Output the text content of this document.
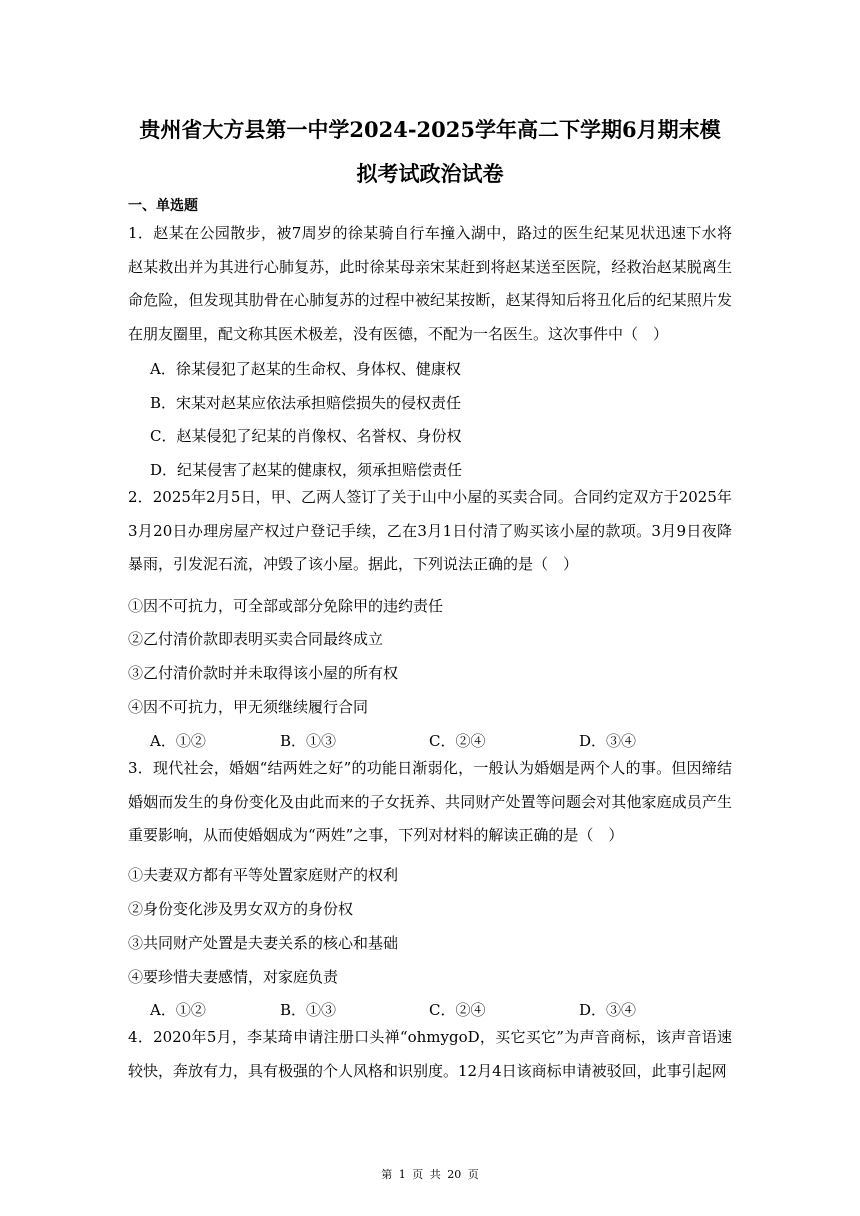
贵州省大方县第一中学2024-2025学年高二下学期6月期末模
拟考试政治试卷
一、单选题
1．赵某在公园散步，被7周岁的徐某骑自行车撞入湖中，路过的医生纪某见状迅速下水将赵某救出并为其进行心肺复苏，此时徐某母亲宋某赶到将赵某送至医院，经救治赵某脱离生命危险，但发现其肋骨在心肺复苏的过程中被纪某按断，赵某得知后将丑化后的纪某照片发在朋友圈里，配文称其医术极差，没有医德，不配为一名医生。这次事件中（　）
A．徐某侵犯了赵某的生命权、身体权、健康权
B．宋某对赵某应依法承担赔偿损失的侵权责任
C．赵某侵犯了纪某的肖像权、名誉权、身份权
D．纪某侵害了赵某的健康权，须承担赔偿责任
2．2025年2月5日，甲、乙两人签订了关于山中小屋的买卖合同。合同约定双方于2025年3月20日办理房屋产权过户登记手续，乙在3月1日付清了购买该小屋的款项。3月9日夜降暴雨，引发泥石流，冲毁了该小屋。据此，下列说法正确的是（　）
①因不可抗力，可全部或部分免除甲的违约责任
②乙付清价款即表明买卖合同最终成立
③乙付清价款时并未取得该小屋的所有权
④因不可抗力，甲无须继续履行合同
A．①②	B．①③	C．②④	D．③④
3．现代社会，婚姻“结两姓之好”的功能日渐弱化，一般认为婚姻是两个人的事。但因缔结婚姻而发生的身份变化及由此而来的子女抚养、共同财产处置等问题会对其他家庭成员产生重要影响，从而使婚姻成为“两姓”之事，下列对材料的解读正确的是（　）
①夫妻双方都有平等处置家庭财产的权利
②身份变化涉及男女双方的身份权
③共同财产处置是夫妻关系的核心和基础
④要珍惜夫妻感情，对家庭负责
A．①②	B．①③	C．②④	D．③④
4．2020年5月，李某琦申请注册口头禅“ohmygoD，买它买它”为声音商标，该声音语速较快，奔放有力，具有极强的个人风格和识别度。12月4日该商标申请被驳回，此事引起网
第 1 页 共 20 页
